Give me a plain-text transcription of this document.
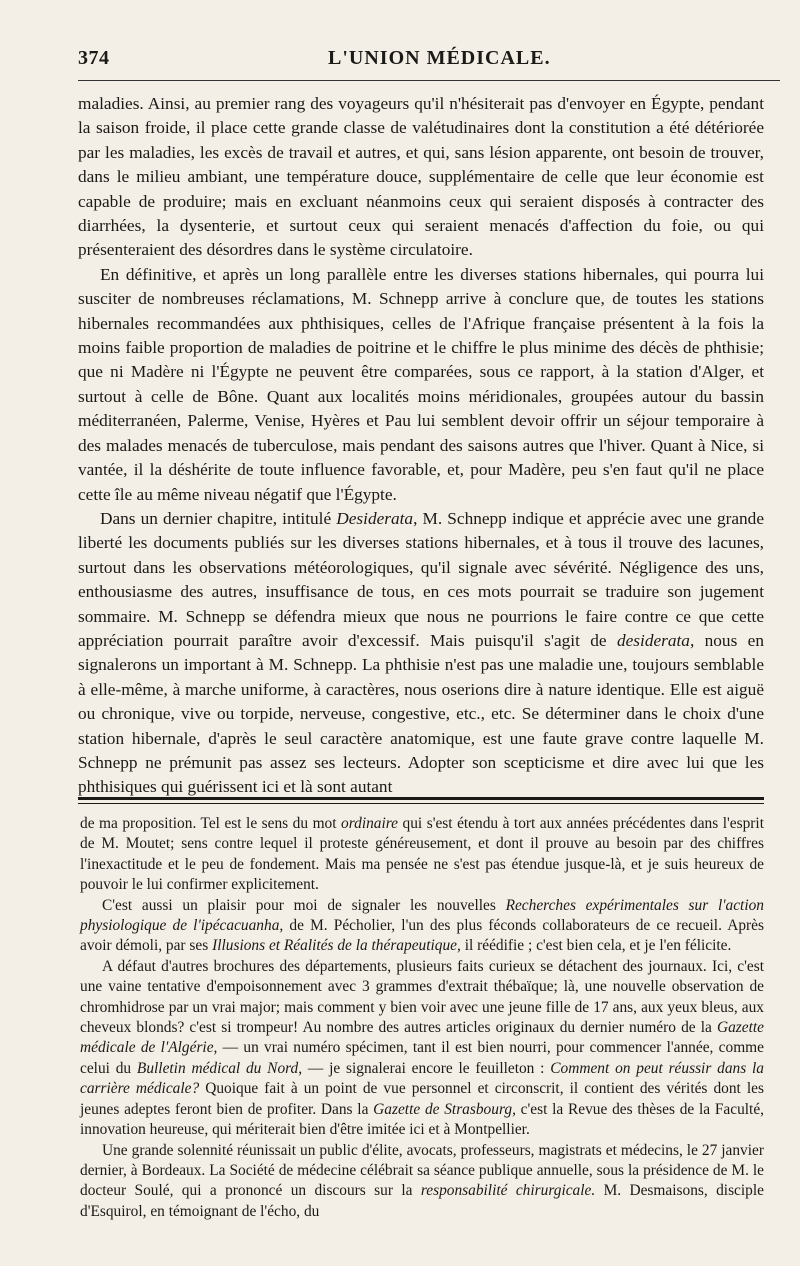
374	L'UNION MÉDICALE.

maladies. Ainsi, au premier rang des voyageurs qu'il n'hésiterait pas d'envoyer en Égypte, pendant la saison froide, il place cette grande classe de valétudinaires dont la constitution a été détériorée par les maladies, les excès de travail et autres, et qui, sans lésion apparente, ont besoin de trouver, dans le milieu ambiant, une température douce, supplémentaire de celle que leur économie est capable de produire; mais en excluant néanmoins ceux qui seraient disposés à contracter des diarrhées, la dysenterie, et surtout ceux qui seraient menacés d'affection du foie, ou qui présenteraient des désordres dans le système circulatoire.

En définitive, et après un long parallèle entre les diverses stations hibernales, qui pourra lui susciter de nombreuses réclamations, M. Schnepp arrive à conclure que, de toutes les stations hibernales recommandées aux phthisiques, celles de l'Afrique française présentent à la fois la moins faible proportion de maladies de poitrine et le chiffre le plus minime des décès de phthisie; que ni Madère ni l'Égypte ne peuvent être comparées, sous ce rapport, à la station d'Alger, et surtout à celle de Bône. Quant aux localités moins méridionales, groupées autour du bassin méditerranéen, Palerme, Venise, Hyères et Pau lui semblent devoir offrir un séjour temporaire à des malades menacés de tuberculose, mais pendant des saisons autres que l'hiver. Quant à Nice, si vantée, il la déshérite de toute influence favorable, et, pour Madère, peu s'en faut qu'il ne place cette île au même niveau négatif que l'Égypte.

Dans un dernier chapitre, intitulé Desiderata, M. Schnepp indique et apprécie avec une grande liberté les documents publiés sur les diverses stations hibernales, et à tous il trouve des lacunes, surtout dans les observations météorologiques, qu'il signale avec sévérité. Négligence des uns, enthousiasme des autres, insuffisance de tous, en ces mots pourrait se traduire son jugement sommaire. M. Schnepp se défendra mieux que nous ne pourrions le faire contre ce que cette appréciation pourrait paraître avoir d'excessif. Mais puisqu'il s'agit de desiderata, nous en signalerons un important à M. Schnepp. La phthisie n'est pas une maladie une, toujours semblable à elle-même, à marche uniforme, à caractères, nous oserions dire à nature identique. Elle est aiguë ou chronique, vive ou torpide, nerveuse, congestive, etc., etc. Se déterminer dans le choix d'une station hibernale, d'après le seul caractère anatomique, est une faute grave contre laquelle M. Schnepp ne prémunit pas assez ses lecteurs. Adopter son scepticisme et dire avec lui que les phthisiques qui guérissent ici et là sont autant

de ma proposition. Tel est le sens du mot ordinaire qui s'est étendu à tort aux années précédentes dans l'esprit de M. Moutet; sens contre lequel il proteste généreusement, et dont il prouve au besoin par des chiffres l'inexactitude et le peu de fondement. Mais ma pensée ne s'est pas étendue jusque-là, et je suis heureux de pouvoir le lui confirmer explicitement.

C'est aussi un plaisir pour moi de signaler les nouvelles Recherches expérimentales sur l'action physiologique de l'ipécacuanha, de M. Pécholier, l'un des plus féconds collaborateurs de ce recueil. Après avoir démoli, par ses Illusions et Réalités de la thérapeutique, il réédifie ; c'est bien cela, et je l'en félicite.

A défaut d'autres brochures des départements, plusieurs faits curieux se détachent des journaux. Ici, c'est une vaine tentative d'empoisonnement avec 3 grammes d'extrait thébaïque; là, une nouvelle observation de chromhidrose par un vrai major; mais comment y bien voir avec une jeune fille de 17 ans, aux yeux bleus, aux cheveux blonds? c'est si trompeur! Au nombre des autres articles originaux du dernier numéro de la Gazette médicale de l'Algérie, — un vrai numéro spécimen, tant il est bien nourri, pour commencer l'année, comme celui du Bulletin médical du Nord, — je signalerai encore le feuilleton : Comment on peut réussir dans la carrière médicale? Quoique fait à un point de vue personnel et circonscrit, il contient des vérités dont les jeunes adeptes feront bien de profiter. Dans la Gazette de Strasbourg, c'est la Revue des thèses de la Faculté, innovation heureuse, qui mériterait bien d'être imitée ici et à Montpellier.

Une grande solennité réunissait un public d'élite, avocats, professeurs, magistrats et médecins, le 27 janvier dernier, à Bordeaux. La Société de médecine célébrait sa séance publique annuelle, sous la présidence de M. le docteur Soulé, qui a prononcé un discours sur la responsabilité chirurgicale. M. Desmaisons, disciple d'Esquirol, en témoignant de l'écho, du
